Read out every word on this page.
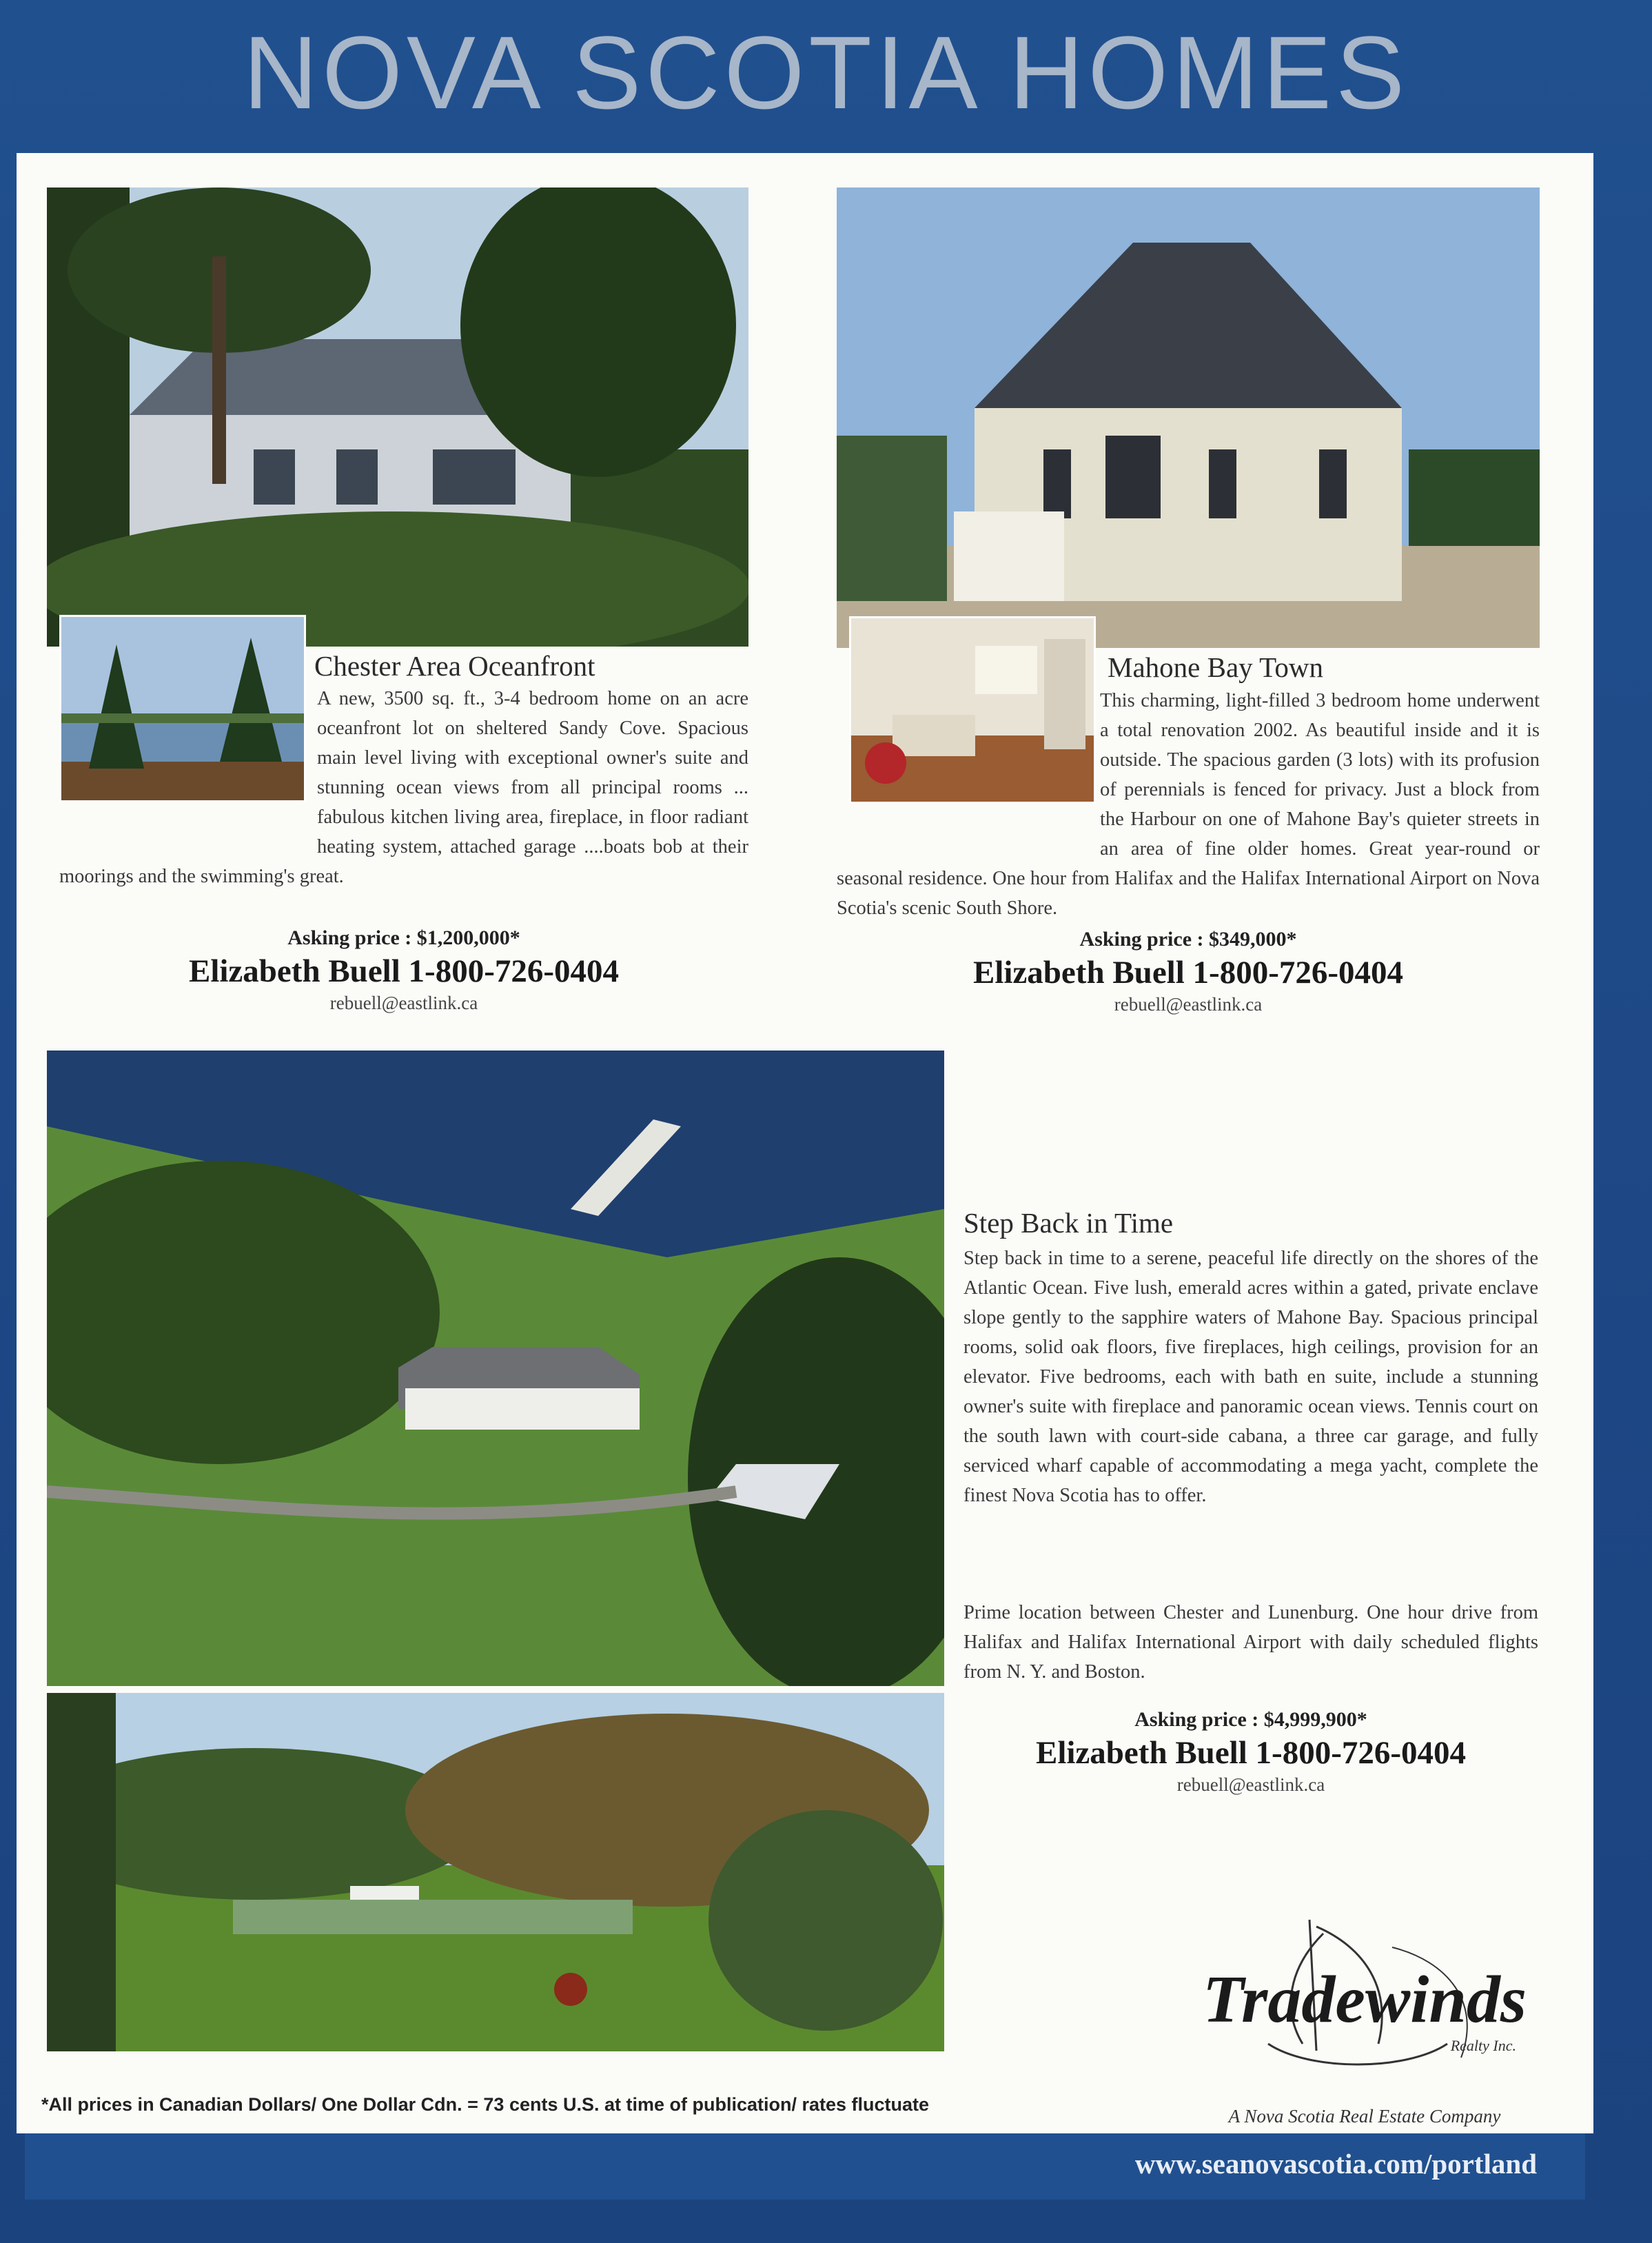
NOVA SCOTIA HOMES
Chester Area Oceanfront
A new, 3500 sq. ft., 3-4 bedroom home on an acre oceanfront lot on sheltered Sandy Cove. Spacious main level living with exceptional owner's suite and stunning ocean views from all principal rooms ... fabulous kitchen living area, fireplace, in floor radiant heating system, attached garage ....boats bob at their moorings and the swimming's great.
Asking price : $1,200,000*
Elizabeth Buell 1-800-726-0404
rebuell@eastlink.ca
Mahone Bay Town
This charming, light-filled 3 bedroom home underwent a total renovation 2002. As beautiful inside and it is outside. The spacious garden (3 lots) with its profusion of perennials is fenced for privacy. Just a block from the Harbour on one of Mahone Bay's quieter streets in an area of fine older homes. Great year-round or seasonal residence. One hour from Halifax and the Halifax International Airport on Nova Scotia's scenic South Shore.
Asking price : $349,000*
Elizabeth Buell 1-800-726-0404
rebuell@eastlink.ca
Step Back in Time
Step back in time to a serene, peaceful life directly on the shores of the Atlantic Ocean. Five lush, emerald acres within a gated, private enclave slope gently to the sapphire waters of Mahone Bay. Spacious principal rooms, solid oak floors, five fireplaces, high ceilings, provision for an elevator. Five bedrooms, each with bath en suite, include a stunning owner's suite with fireplace and panoramic ocean views. Tennis court on the south lawn with court-side cabana, a three car garage, and fully serviced wharf capable of accommodating a mega yacht, complete the finest Nova Scotia has to offer.
Prime location between Chester and Lunenburg. One hour drive from Halifax and Halifax International Airport with daily scheduled flights from N. Y. and Boston.
Asking price : $4,999,900*
Elizabeth Buell 1-800-726-0404
rebuell@eastlink.ca
Tradewinds
Realty Inc.
A Nova Scotia Real Estate Company
*All prices in Canadian Dollars/ One Dollar Cdn. = 73 cents U.S. at time of publication/ rates fluctuate
www.seanovascotia.com/portland
